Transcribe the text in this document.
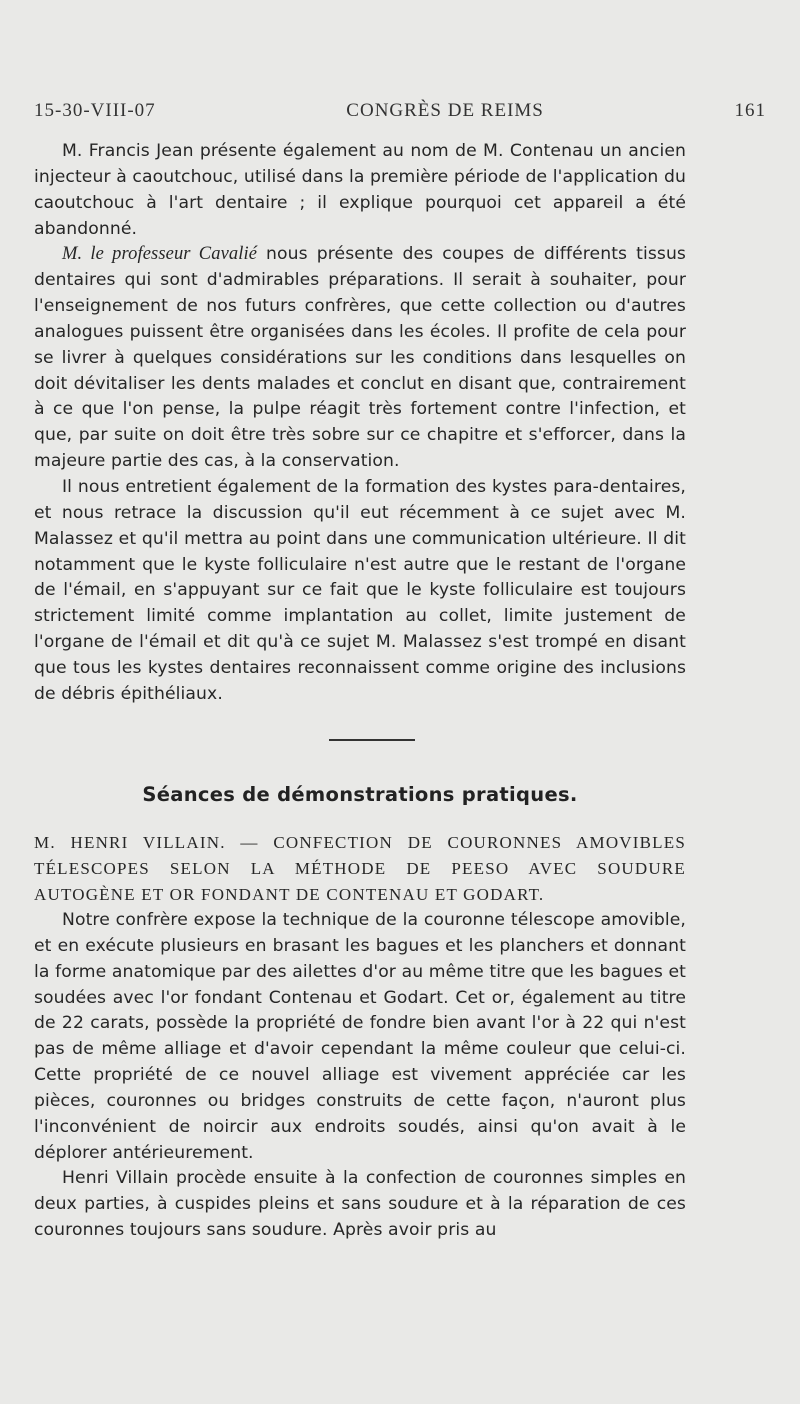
15-30-VIII-07	CONGRÈS DE REIMS	161

M. Francis Jean présente également au nom de M. Contenau un ancien injecteur à caoutchouc, utilisé dans la première période de l'application du caoutchouc à l'art dentaire ; il explique pourquoi cet appareil a été abandonné.

M. le professeur Cavalié nous présente des coupes de différents tissus dentaires qui sont d'admirables préparations. Il serait à souhaiter, pour l'enseignement de nos futurs confrères, que cette collection ou d'autres analogues puissent être organisées dans les écoles. Il profite de cela pour se livrer à quelques considérations sur les conditions dans lesquelles on doit dévitaliser les dents malades et conclut en disant que, contrairement à ce que l'on pense, la pulpe réagit très fortement contre l'infection, et que, par suite on doit être très sobre sur ce chapitre et s'efforcer, dans la majeure partie des cas, à la conservation.

Il nous entretient également de la formation des kystes para-dentaires, et nous retrace la discussion qu'il eut récemment à ce sujet avec M. Malassez et qu'il mettra au point dans une communication ultérieure. Il dit notamment que le kyste folliculaire n'est autre que le restant de l'organe de l'émail, en s'appuyant sur ce fait que le kyste folliculaire est toujours strictement limité comme implantation au collet, limite justement de l'organe de l'émail et dit qu'à ce sujet M. Malassez s'est trompé en disant que tous les kystes dentaires reconnaissent comme origine des inclusions de débris épithéliaux.

Séances de démonstrations pratiques.
M. HENRI VILLAIN. — CONFECTION DE COURONNES AMOVIBLES TÉLESCOPES SELON LA MÉTHODE DE PEESO AVEC SOUDURE AUTOGÈNE ET OR FONDANT DE CONTENAU ET GODART.

Notre confrère expose la technique de la couronne télescope amovible, et en exécute plusieurs en brasant les bagues et les planchers et donnant la forme anatomique par des ailettes d'or au même titre que les bagues et soudées avec l'or fondant Contenau et Godart. Cet or, également au titre de 22 carats, possède la propriété de fondre bien avant l'or à 22 qui n'est pas de même alliage et d'avoir cependant la même couleur que celui-ci. Cette propriété de ce nouvel alliage est vivement appréciée car les pièces, couronnes ou bridges construits de cette façon, n'auront plus l'inconvénient de noircir aux endroits soudés, ainsi qu'on avait à le déplorer antérieurement.

Henri Villain procède ensuite à la confection de couronnes simples en deux parties, à cuspides pleins et sans soudure et à la réparation de ces couronnes toujours sans soudure. Après avoir pris au
